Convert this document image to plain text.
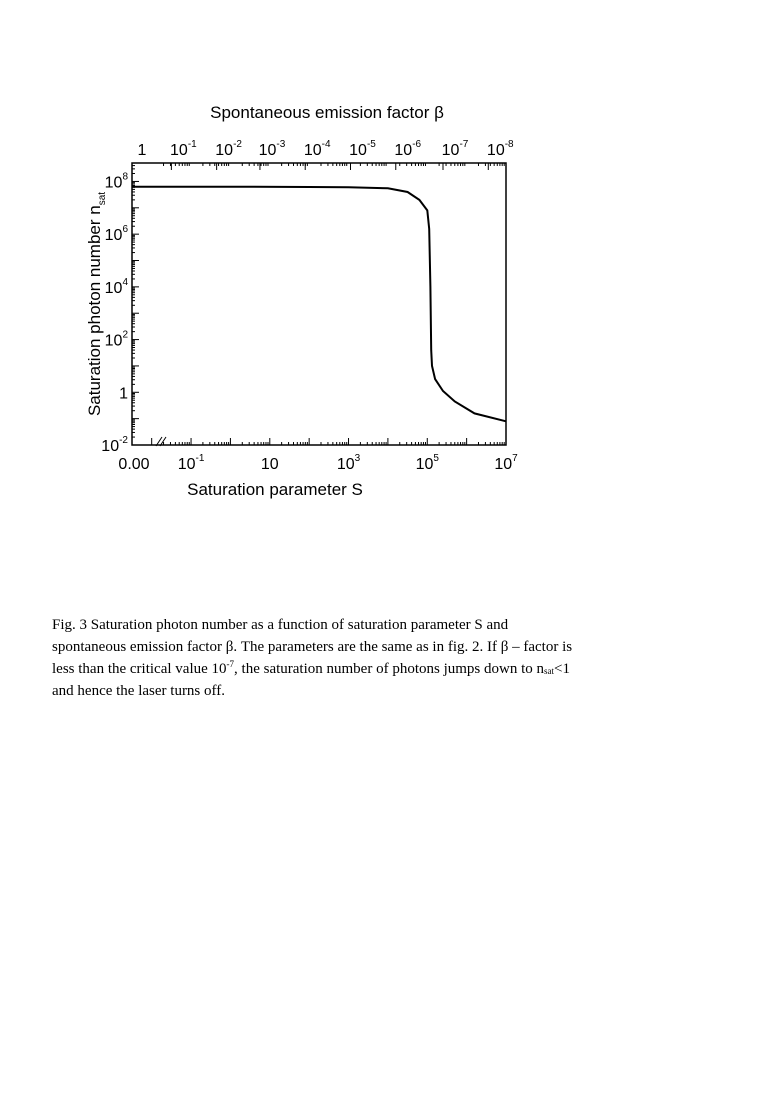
Spontaneous emission factor β
0.00 $10^{-1}$	10	$10^3$	$10^5$	$10^7$
1 $10^{-1}$ $10^{-2}$ $10^{-3}$ $10^{-4}$ $10^{-5}$ $10^{-6}$ $10^{-7}$ $10^{-8}$
$10^8$
$10^6$
$10^4$
$10^2$
1
$10^{-2}$
Saturation parameter S
Saturation photon number $n_{sat}$
Fig. 3 Saturation photon number as a function of saturation parameter S and
spontaneous emission factor β. The parameters are the same as in fig. 2. If β – factor is
less than the critical value $10^{-7}$, the saturation number of photons jumps down to $n_{sat}<1$
and hence the laser turns off.
